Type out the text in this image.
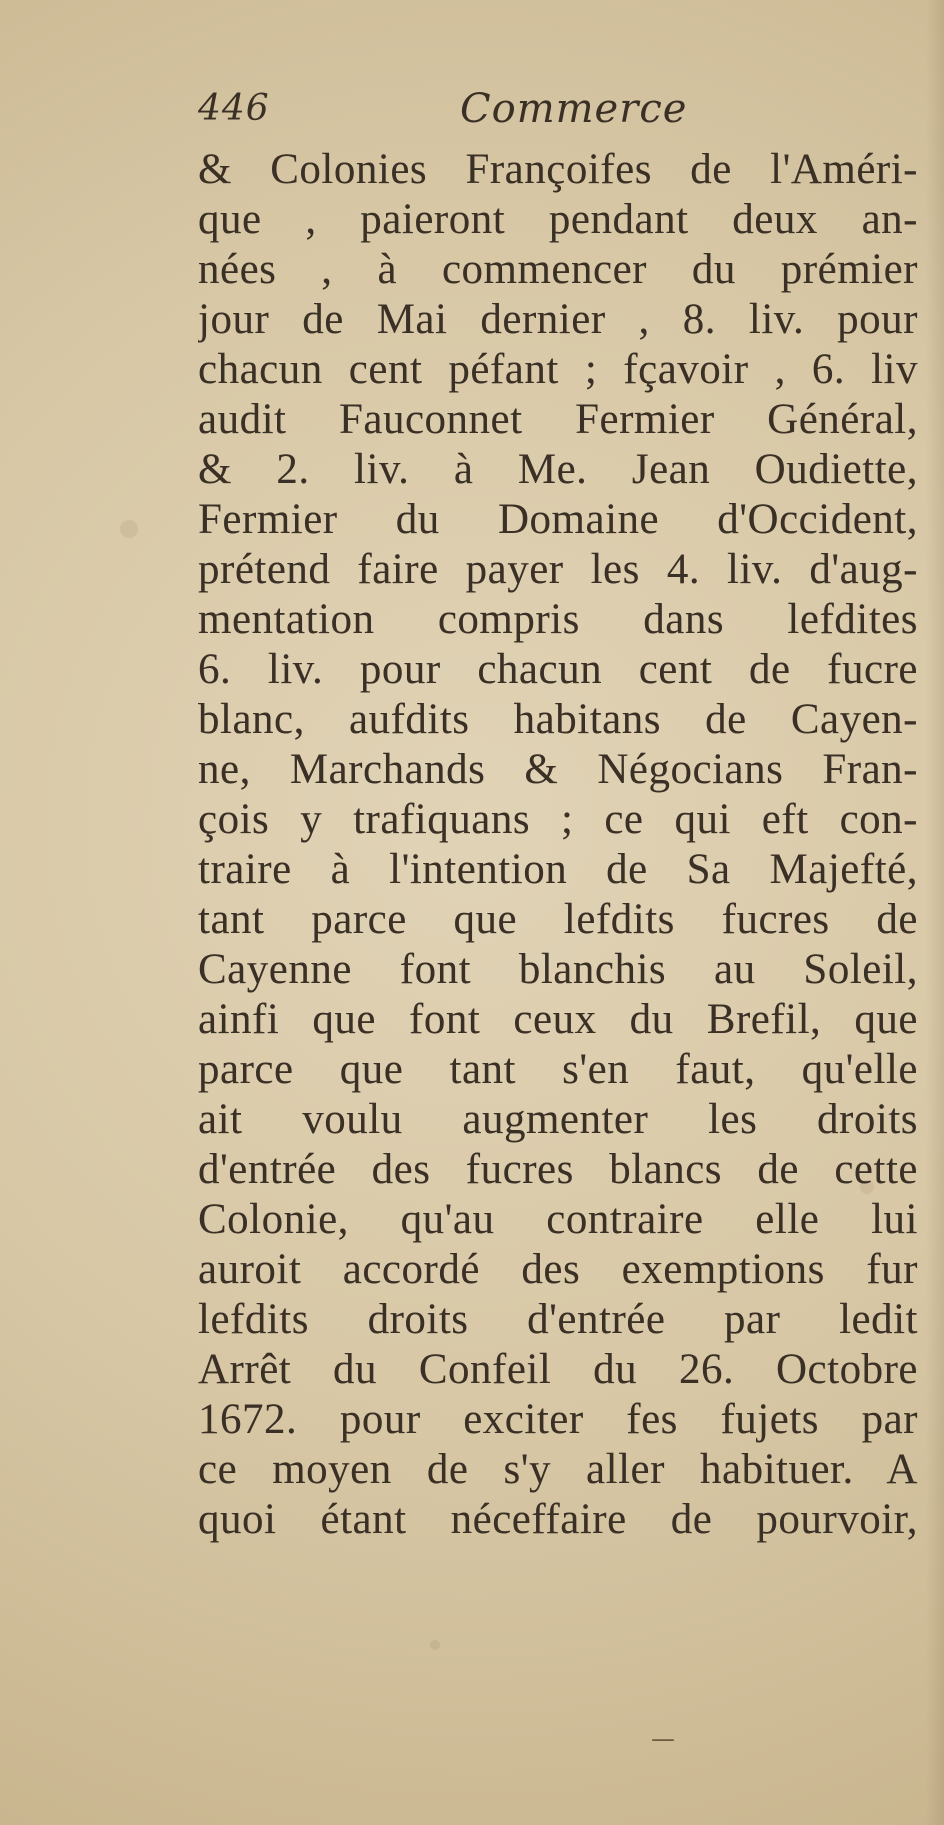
446	Commerce
& Colonies Françoifes de l'Améri-
que , paieront pendant deux an-
nées , à commencer du prémier
jour de Mai dernier , 8. liv. pour
chacun cent péfant ; fçavoir , 6. liv
audit Fauconnet Fermier Général,
& 2. liv. à Me. Jean Oudiette,
Fermier du Domaine d'Occident,
prétend faire payer les 4. liv. d'aug-
mentation compris dans lefdites
6. liv. pour chacun cent de fucre
blanc, aufdits habitans de Cayen-
ne, Marchands & Négocians Fran-
çois y trafiquans ; ce qui eft con-
traire à l'intention de Sa Majefté,
tant parce que lefdits fucres de
Cayenne font blanchis au Soleil,
ainfi que font ceux du Brefil, que
parce que tant s'en faut, qu'elle
ait voulu augmenter les droits
d'entrée des fucres blancs de cette
Colonie, qu'au contraire elle lui
auroit accordé des exemptions fur
lefdits droits d'entrée par ledit
Arrêt du Confeil du 26. Octobre
1672. pour exciter fes fujets par
ce moyen de s'y aller habituer. A
quoi étant néceffaire de pourvoir,
—
